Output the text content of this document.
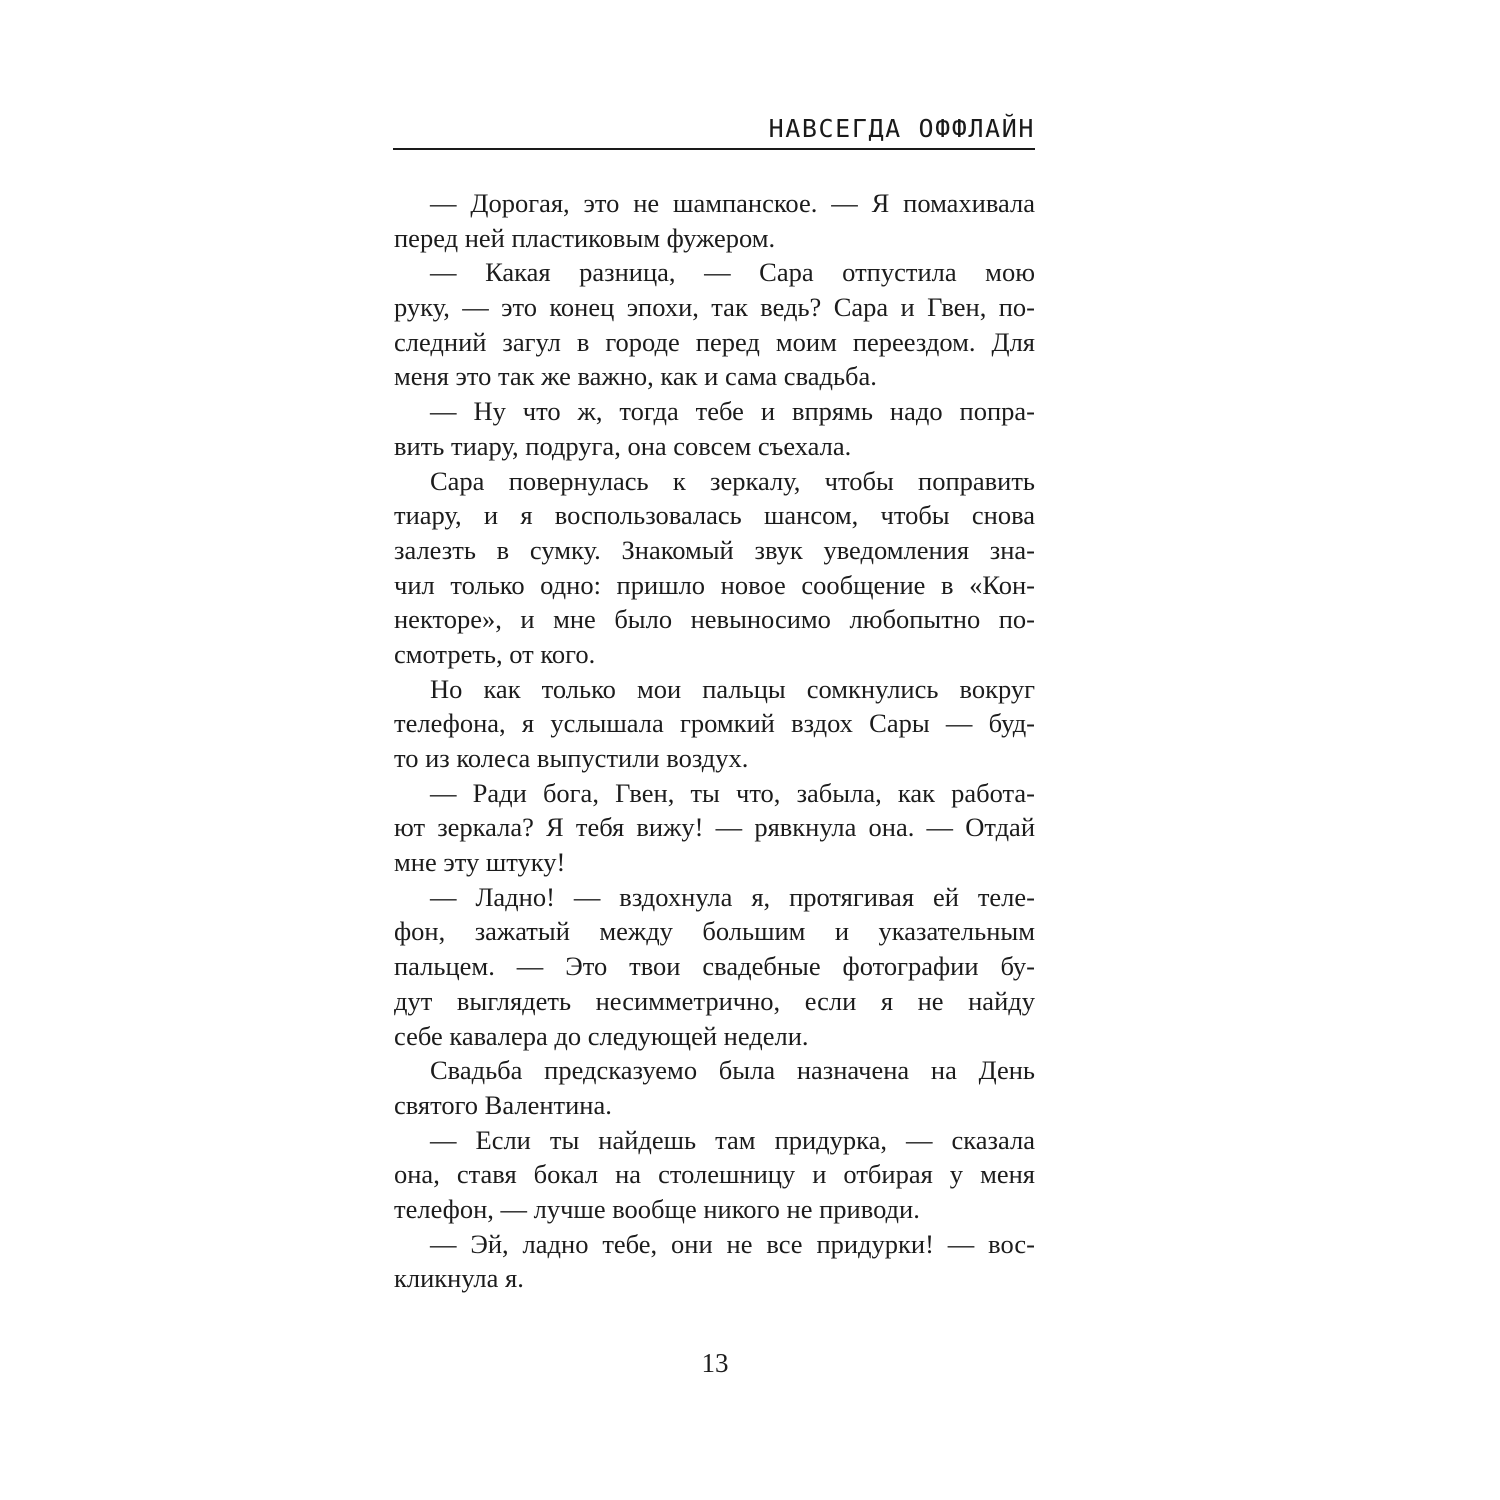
НАВСЕГДА ОФФЛАЙН
— Дорогая, это не шампанское. — Я помахивала
перед ней пластиковым фужером.
— Какая разница, — Сара отпустила мою
руку, — это конец эпохи, так ведь? Сара и Гвен, по-
следний загул в городе перед моим переездом. Для
меня это так же важно, как и сама свадьба.
— Ну что ж, тогда тебе и впрямь надо попра-
вить тиару, подруга, она совсем съехала.
Сара повернулась к зеркалу, чтобы поправить
тиару, и я воспользовалась шансом, чтобы снова
залезть в сумку. Знакомый звук уведомления зна-
чил только одно: пришло новое сообщение в «Кон-
некторе», и мне было невыносимо любопытно по-
смотреть, от кого.
Но как только мои пальцы сомкнулись вокруг
телефона, я услышала громкий вздох Сары — буд-
то из колеса выпустили воздух.
— Ради бога, Гвен, ты что, забыла, как работа-
ют зеркала? Я тебя вижу! — рявкнула она. — Отдай
мне эту штуку!
— Ладно! — вздохнула я, протягивая ей теле-
фон, зажатый между большим и указательным
пальцем. — Это твои свадебные фотографии бу-
дут выглядеть несимметрично, если я не найду
себе кавалера до следующей недели.
Свадьба предсказуемо была назначена на День
святого Валентина.
— Если ты найдешь там придурка, — сказала
она, ставя бокал на столешницу и отбирая у меня
телефон, — лучше вообще никого не приводи.
— Эй, ладно тебе, они не все придурки! — вос-
кликнула я.
13
